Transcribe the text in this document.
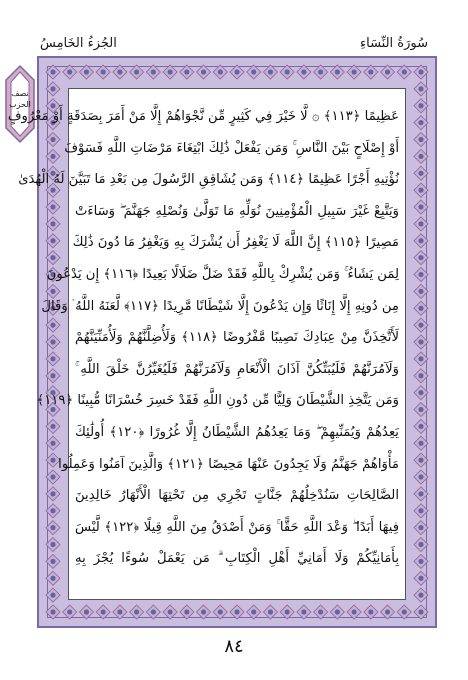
سُورَةُ النِّسَاءِ
الجُزءُ الخَامِسُ
نصف الحزب
عَظِيمًا ﴿١١٣﴾ ۞ لَّا خَيْرَ فِي كَثِيرٍ مِّن نَّجْوَاهُمْ إِلَّا مَنْ أَمَرَ بِصَدَقَةٍ أَوْ مَعْرُوفٍ
أَوْ إِصْلَاحٍ بَيْنَ النَّاسِ ۚ وَمَن يَفْعَلْ ذَٰلِكَ ابْتِغَاءَ مَرْضَاتِ اللَّهِ فَسَوْفَ
نُؤْتِيهِ أَجْرًا عَظِيمًا ﴿١١٤﴾ وَمَن يُشَاقِقِ الرَّسُولَ مِن بَعْدِ مَا تَبَيَّنَ لَهُ الْهُدَىٰ
وَيَتَّبِعْ غَيْرَ سَبِيلِ الْمُؤْمِنِينَ نُوَلِّهِ مَا تَوَلَّىٰ وَنُصْلِهِ جَهَنَّمَ ۖ وَسَاءَتْ
مَصِيرًا ﴿١١٥﴾ إِنَّ اللَّهَ لَا يَغْفِرُ أَن يُشْرَكَ بِهِ وَيَغْفِرُ مَا دُونَ ذَٰلِكَ
لِمَن يَشَاءُ ۚ وَمَن يُشْرِكْ بِاللَّهِ فَقَدْ ضَلَّ ضَلَالًا بَعِيدًا ﴿١١٦﴾ إِن يَدْعُونَ
مِن دُونِهِ إِلَّا إِنَاثًا وَإِن يَدْعُونَ إِلَّا شَيْطَانًا مَّرِيدًا ﴿١١٧﴾ لَّعَنَهُ اللَّهُ ۘ وَقَالَ
لَأَتَّخِذَنَّ مِنْ عِبَادِكَ نَصِيبًا مَّفْرُوضًا ﴿١١٨﴾ وَلَأُضِلَّنَّهُمْ وَلَأُمَنِّيَنَّهُمْ
وَلَآمُرَنَّهُمْ فَلَيُبَتِّكُنَّ آذَانَ الْأَنْعَامِ وَلَآمُرَنَّهُمْ فَلَيُغَيِّرُنَّ خَلْقَ اللَّهِ ۚ
وَمَن يَتَّخِذِ الشَّيْطَانَ وَلِيًّا مِّن دُونِ اللَّهِ فَقَدْ خَسِرَ خُسْرَانًا مُّبِينًا ﴿١١٩﴾
يَعِدُهُمْ وَيُمَنِّيهِمْ ۖ وَمَا يَعِدُهُمُ الشَّيْطَانُ إِلَّا غُرُورًا ﴿١٢٠﴾ أُولَٰئِكَ
مَأْوَاهُمْ جَهَنَّمُ وَلَا يَجِدُونَ عَنْهَا مَحِيصًا ﴿١٢١﴾ وَالَّذِينَ آمَنُوا وَعَمِلُوا
الصَّالِحَاتِ سَنُدْخِلُهُمْ جَنَّاتٍ تَجْرِي مِن تَحْتِهَا الْأَنْهَارُ خَالِدِينَ
فِيهَا أَبَدًا ۖ وَعْدَ اللَّهِ حَقًّا ۚ وَمَنْ أَصْدَقُ مِنَ اللَّهِ قِيلًا ﴿١٢٢﴾ لَّيْسَ
بِأَمَانِيِّكُمْ وَلَا أَمَانِيِّ أَهْلِ الْكِتَابِ ۗ مَن يَعْمَلْ سُوءًا يُجْزَ بِهِ
٨٤
